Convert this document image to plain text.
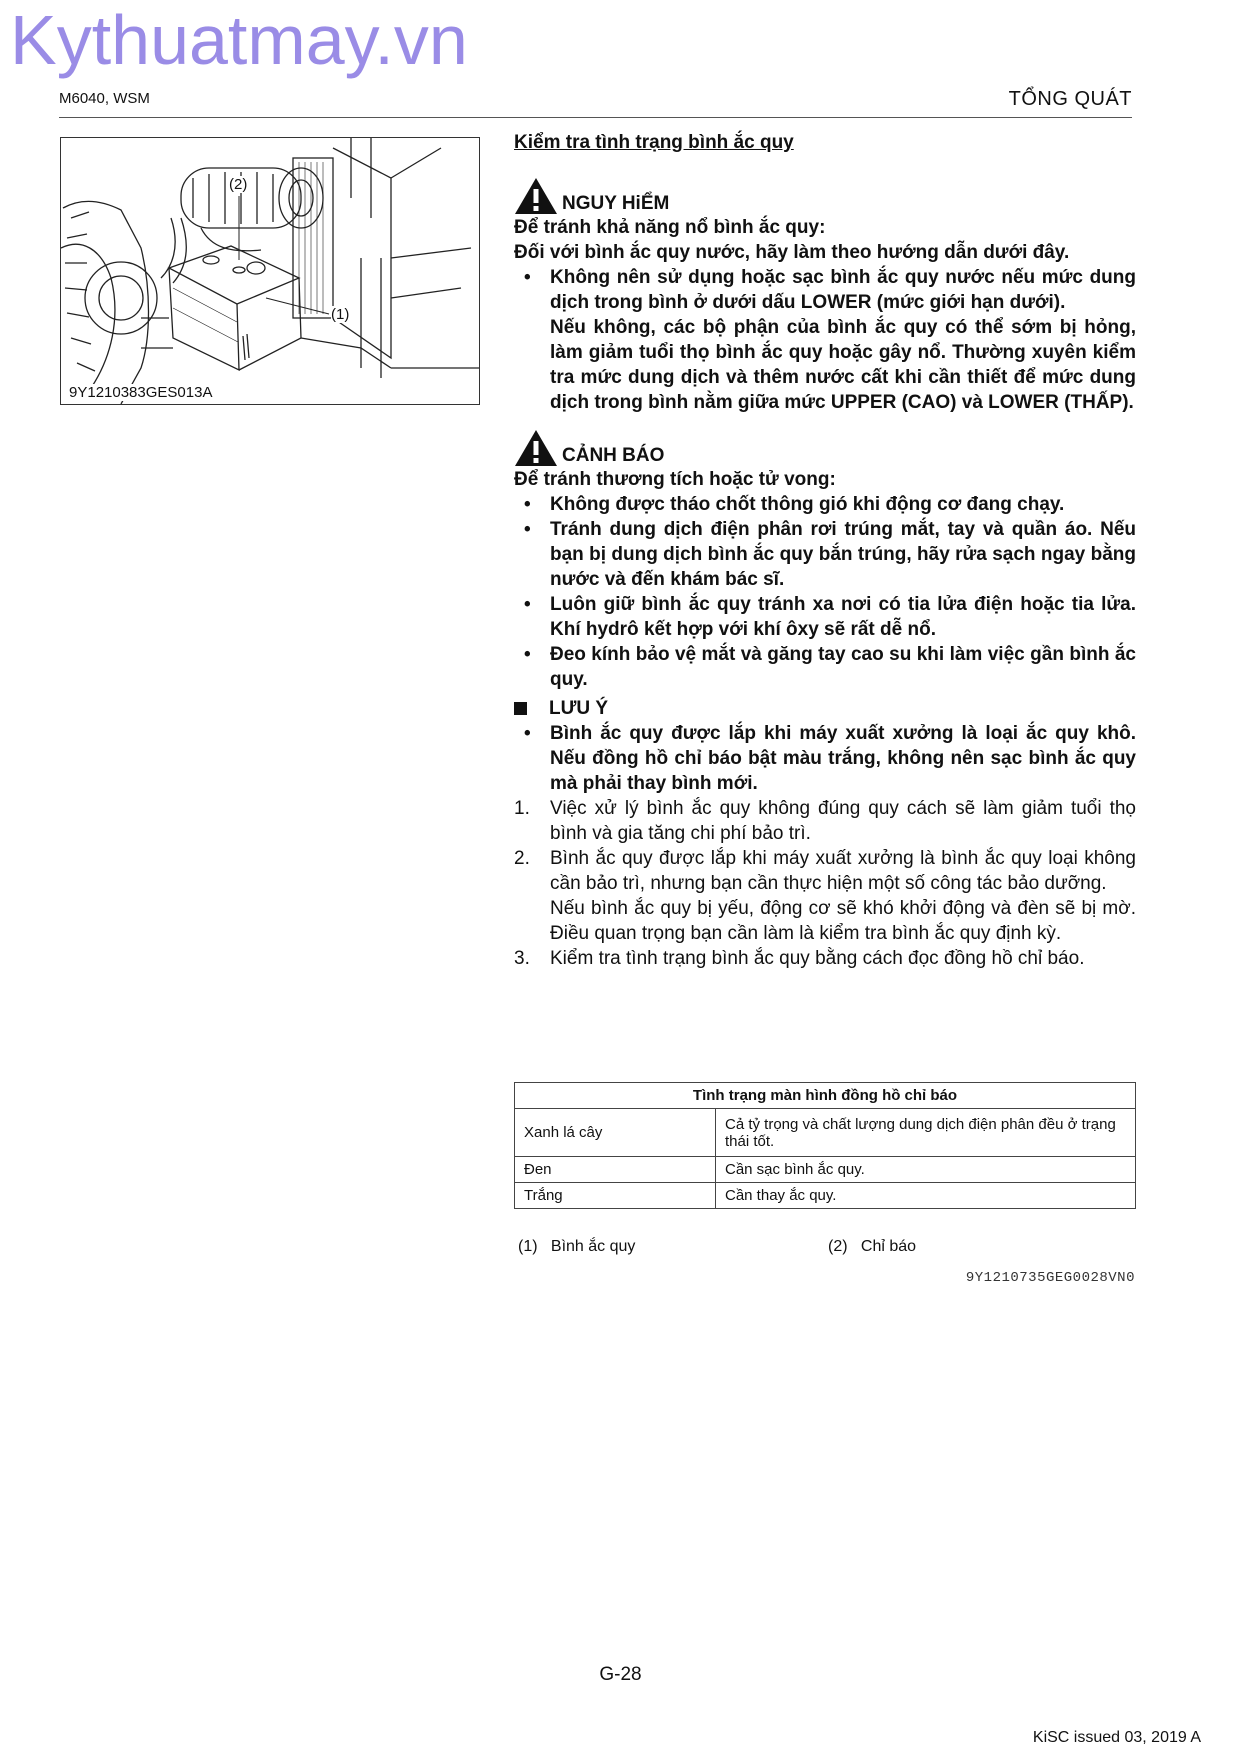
Kythuatmay.vn
M6040, WSM	TỔNG QUÁT
(2)
(1)
9Y1210383GES013A
Kiểm tra tình trạng bình ắc quy
NGUY HiỂM
Để tránh khả năng nổ bình ắc quy:
Đối với bình ắc quy nước, hãy làm theo hướng dẫn dưới đây.
• Không nên sử dụng hoặc sạc bình ắc quy nước nếu mức dung dịch trong bình ở dưới dấu LOWER (mức giới hạn dưới).
Nếu không, các bộ phận của bình ắc quy có thể sớm bị hỏng, làm giảm tuổi thọ bình ắc quy hoặc gây nổ. Thường xuyên kiểm tra mức dung dịch và thêm nước cất khi cần thiết để mức dung dịch trong bình nằm giữa mức UPPER (CAO) và LOWER (THẤP).
CẢNH BÁO
Để tránh thương tích hoặc tử vong:
• Không được tháo chốt thông gió khi động cơ đang chạy.
• Tránh dung dịch điện phân rơi trúng mắt, tay và quần áo. Nếu bạn bị dung dịch bình ắc quy bắn trúng, hãy rửa sạch ngay bằng nước và đến khám bác sĩ.
• Luôn giữ bình ắc quy tránh xa nơi có tia lửa điện hoặc tia lửa. Khí hydrô kết hợp với khí ôxy sẽ rất dễ nổ.
• Đeo kính bảo vệ mắt và găng tay cao su khi làm việc gần bình ắc quy.
LƯU Ý
• Bình ắc quy được lắp khi máy xuất xưởng là loại ắc quy khô. Nếu đồng hồ chỉ báo bật màu trắng, không nên sạc bình ắc quy mà phải thay bình mới.
1. Việc xử lý bình ắc quy không đúng quy cách sẽ làm giảm tuổi thọ bình và gia tăng chi phí bảo trì.
2. Bình ắc quy được lắp khi máy xuất xưởng là bình ắc quy loại không cần bảo trì, nhưng bạn cần thực hiện một số công tác bảo dưỡng.
Nếu bình ắc quy bị yếu, động cơ sẽ khó khởi động và đèn sẽ bị mờ. Điều quan trọng bạn cần làm là kiểm tra bình ắc quy định kỳ.
3. Kiểm tra tình trạng bình ắc quy bằng cách đọc đồng hồ chỉ báo.
Tình trạng màn hình đồng hồ chỉ báo	
Xanh lá cây	Cả tỷ trọng và chất lượng dung dịch điện phân đều ở trạng thái tốt.
Đen	Cần sạc bình ắc quy.
Trắng	Cần thay ắc quy.
(1)   Bình ắc quy	(2)   Chỉ báo
9Y1210735GEG0028VN0
G-28
KiSC issued 03, 2019 A
